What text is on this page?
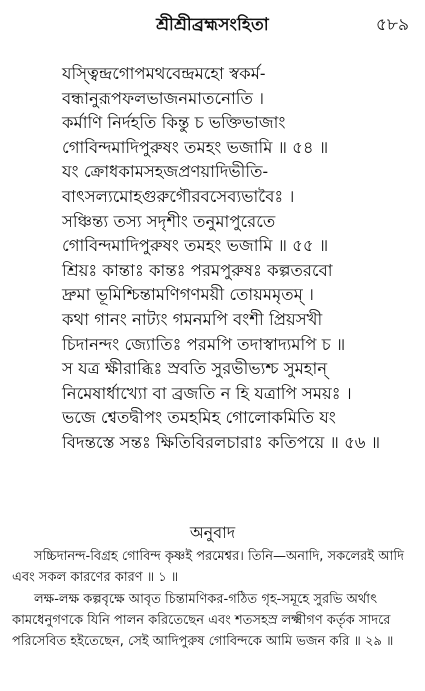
শ্রীশ্রীব্রহ্মসংহিতা	৫৮৯
যস্ত্বিন্দ্রগোপমথবেন্দ্রমহো স্বকর্ম-
বন্ধানুরূপফলভাজনমাতনোতি ।
কর্মাণি নির্দহতি কিন্তু চ ভক্তিভাজাং
গোবিন্দমাদিপুরুষং তমহং ভজামি ॥ ৫৪ ॥
যং ক্রোধকামসহজপ্রণয়াদিভীতি-
বাৎসল্যমোহগুরুগৌরবসেব্যভাবৈঃ ।
সঞ্চিন্ত্য তস্য সদৃশীং তনুমাপুরেতে
গোবিন্দমাদিপুরুষং তমহং ভজামি ॥ ৫৫ ॥
শ্রিয়ঃ কান্তাঃ কান্তঃ পরমপুরুষঃ কল্পতরবো
দ্রুমা ভূমিশ্চিন্তামণিগণময়ী তোয়মমৃতম্ ।
কথা গানং নাট্যং গমনমপি বংশী প্রিয়সখী
চিদানন্দং জ্যোতিঃ পরমপি তদাস্বাদ্যমপি চ ॥
স যত্র ক্ষীরাব্ধিঃ স্রবতি সুরভীভ্যশ্চ সুমহান্
নিমেষার্ধাখ্যো বা ব্রজতি ন হি যত্রাপি সময়ঃ ।
ভজে শ্বেতদ্বীপং তমহমিহ গোলোকমিতি যং
বিদন্তস্তে সন্তঃ ক্ষিতিবিরলচারাঃ কতিপয়ে ॥ ৫৬ ॥
অনুবাদ

সচ্চিদানন্দ-বিগ্রহ গোবিন্দ কৃষ্ণই পরমেশ্বর। তিনি—অনাদি, সকলেরই আদি এবং সকল কারণের কারণ ॥ ১ ॥

লক্ষ-লক্ষ কল্পবৃক্ষে আবৃত চিন্তামণিকর-গঠিত গৃহ-সমূহে সুরভি অর্থাৎ কামধেনুগণকে যিনি পালন করিতেছেন এবং শতসহস্র লক্ষ্মীগণ কর্তৃক সাদরে পরিসেবিত হইতেছেন, সেই আদিপুরুষ গোবিন্দকে আমি ভজন করি ॥ ২৯ ॥
